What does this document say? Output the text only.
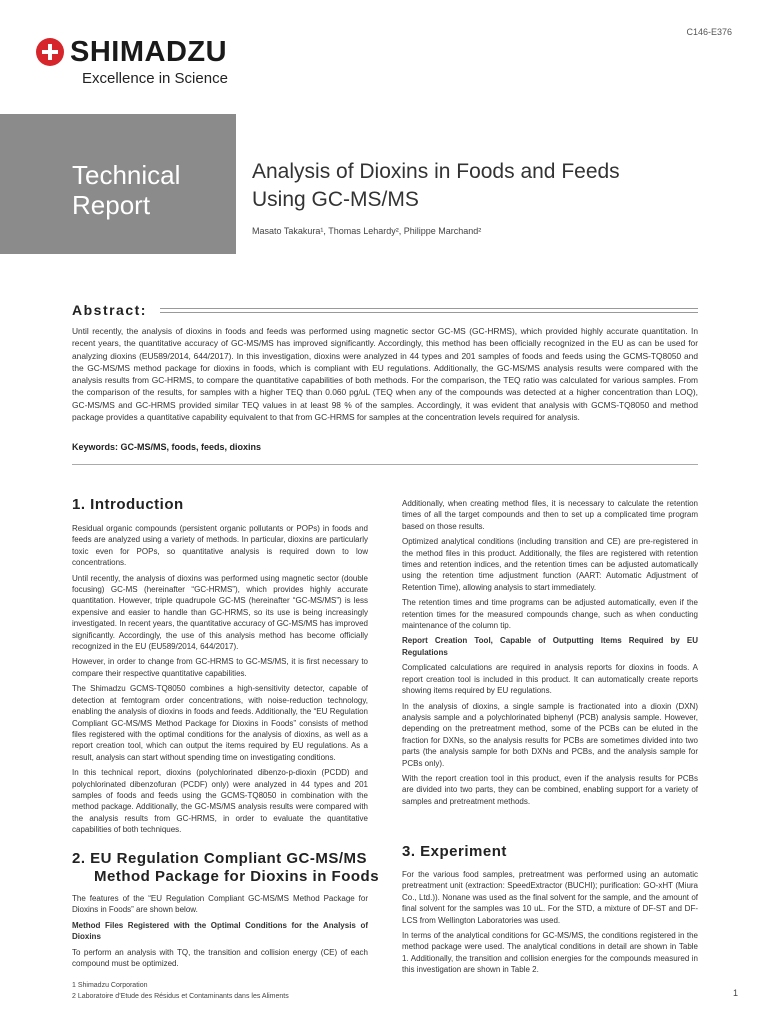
SHIMADZU
Excellence in Science
C146-E376
Technical
Report
Analysis of Dioxins in Foods and Feeds
Using GC-MS/MS
Masato Takakura¹, Thomas Lehardy², Philippe Marchand²
Abstract:
Until recently, the analysis of dioxins in foods and feeds was performed using magnetic sector GC-MS (GC-HRMS), which provided highly accurate quantitation. In recent years, the quantitative accuracy of GC-MS/MS has improved significantly. Accordingly, this method has been officially recognized in the EU as can be used for analyzing dioxins (EU589/2014, 644/2017). In this investigation, dioxins were analyzed in 44 types and 201 samples of foods and feeds using the GCMS-TQ8050 and the GC-MS/MS method package for dioxins in foods, which is compliant with EU regulations. Additionally, the GC-MS/MS analysis results were compared with the analysis results from GC-HRMS, to compare the quantitative capabilities of both methods. For the comparison, the TEQ ratio was calculated for various samples. From the comparison of the results, for samples with a higher TEQ than 0.060 pg/uL (TEQ when any of the compounds was detected at a higher concentration than LOQ), GC-MS/MS and GC-HRMS provided similar TEQ values in at least 98 % of the samples. Accordingly, it was evident that analysis with GCMS-TQ8050 and method package provides a quantitative capability equivalent to that from GC-HRMS for samples at the concentration levels required for analysis.
Keywords: GC-MS/MS, foods, feeds, dioxins
1. Introduction

Residual organic compounds (persistent organic pollutants or POPs) in foods and feeds are analyzed using a variety of methods. In particular, dioxins are particularly toxic even for POPs, so quantitative analysis is required down to low concentrations.

Until recently, the analysis of dioxins was performed using magnetic sector (double focusing) GC-MS (hereinafter “GC-HRMS”), which provides highly accurate quantitation. However, triple quadrupole GC-MS (hereinafter “GC-MS/MS”) is less expensive and easier to handle than GC-HRMS, so its use is being increasingly investigated. In recent years, the quantitative accuracy of GC-MS/MS has improved significantly. Accordingly, the use of this analysis method has become officially recognized in the EU (EU589/2014, 644/2017).

However, in order to change from GC-HRMS to GC-MS/MS, it is first necessary to compare their respective quantitative capabilities.

The Shimadzu GCMS-TQ8050 combines a high-sensitivity detector, capable of detection at femtogram order concentrations, with noise-reduction technology, enabling the analysis of dioxins in foods and feeds. Additionally, the “EU Regulation Compliant GC-MS/MS Method Package for Dioxins in Foods” consists of method files registered with the optimal conditions for the analysis of dioxins, as well as a report creation tool, which can output the items required by EU regulations. As a result, analysis can start without spending time on investigating conditions.

In this technical report, dioxins (polychlorinated dibenzo-p-dioxin (PCDD) and polychlorinated dibenzofuran (PCDF) only) were analyzed in 44 types and 201 samples of foods and feeds using the GCMS-TQ8050 in combination with the method package. Additionally, the GC-MS/MS analysis results were compared with the analysis results from GC-HRMS, in order to evaluate the quantitative capabilities of both techniques.

2. EU Regulation Compliant GC-MS/MS
Method Package for Dioxins in Foods

The features of the “EU Regulation Compliant GC-MS/MS Method Package for Dioxins in Foods” are shown below.

Method Files Registered with the Optimal Conditions for the Analysis of Dioxins

To perform an analysis with TQ, the transition and collision energy (CE) of each compound must be optimized.

Additionally, when creating method files, it is necessary to calculate the retention times of all the target compounds and then to set up a complicated time program based on those results.

Optimized analytical conditions (including transition and CE) are pre-registered in the method files in this product. Additionally, the files are registered with retention times and retention indices, and the retention times can be adjusted automatically using the retention time adjustment function (AART: Automatic Adjustment of Retention Time), allowing analysis to start immediately.

The retention times and time programs can be adjusted automatically, even if the retention times for the measured compounds change, such as when conducting maintenance of the column tip.

Report Creation Tool, Capable of Outputting Items Required by EU Regulations

Complicated calculations are required in analysis reports for dioxins in foods. A report creation tool is included in this product. It can automatically create reports showing items required by EU regulations.

In the analysis of dioxins, a single sample is fractionated into a dioxin (DXN) analysis sample and a polychlorinated biphenyl (PCB) analysis sample. However, depending on the pretreatment method, some of the PCBs can be eluted in the fraction for DXNs, so the analysis results for PCBs are sometimes divided into two parts (the analysis sample for both DXNs and PCBs, and the analysis sample for PCBs only).

With the report creation tool in this product, even if the analysis results for PCBs are divided into two parts, they can be combined, enabling support for a variety of samples and pretreatment methods.

3. Experiment

For the various food samples, pretreatment was performed using an automatic pretreatment unit (extraction: SpeedExtractor (BUCHI); purification: GO-xHT (Miura Co., Ltd.)). Nonane was used as the final solvent for the sample, and the amount of final solvent for the samples was 10 uL. For the STD, a mixture of DF-ST and DF-LCS from Wellington Laboratories was used.

In terms of the analytical conditions for GC-MS/MS, the conditions registered in the method package were used. The analytical conditions in detail are shown in Table 1. Additionally, the transition and collision energies for the compounds measured in this investigation are shown in Table 2.

1 Shimadzu Corporation
2 Laboratoire d’Etude des Résidus et Contaminants dans les Aliments	1
